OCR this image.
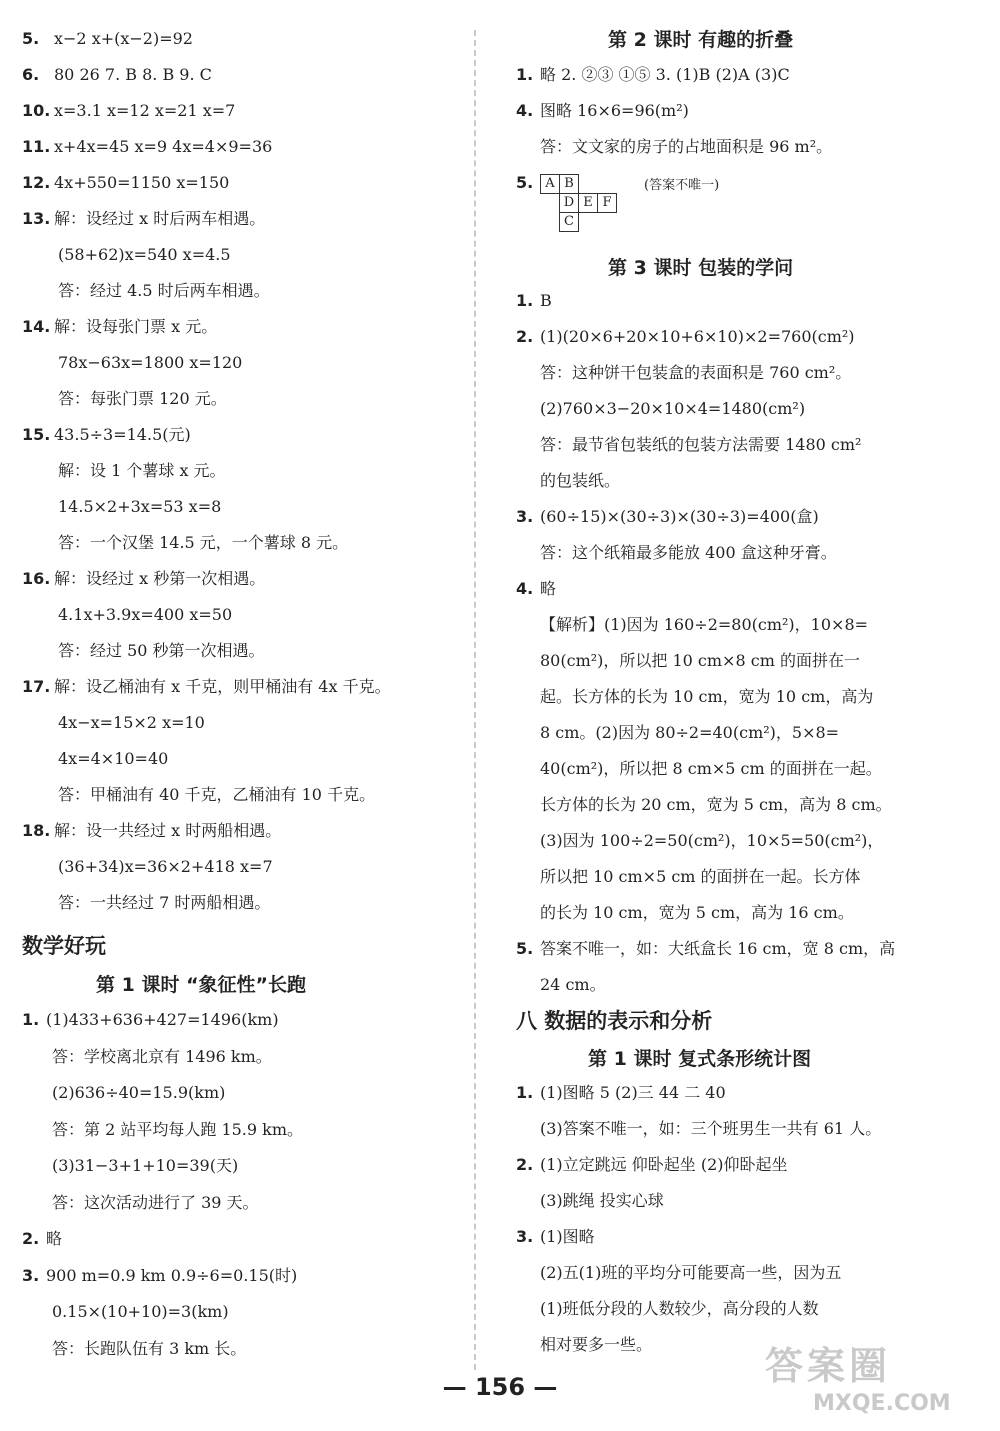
5. x−2 x+(x−2)=92
6. 80 26 7. B 8. B 9. C
10. x=3.1 x=12 x=21 x=7
11. x+4x=45 x=9 4x=4×9=36
12. 4x+550=1150 x=150
13. 解：设经过 x 时后两车相遇。
(58+62)x=540 x=4.5
答：经过 4.5 时后两车相遇。
14. 解：设每张门票 x 元。
78x−63x=1800 x=120
答：每张门票 120 元。
15. 43.5÷3=14.5(元)
解：设 1 个薯球 x 元。
14.5×2+3x=53 x=8
答：一个汉堡 14.5 元，一个薯球 8 元。
16. 解：设经过 x 秒第一次相遇。
4.1x+3.9x=400 x=50
答：经过 50 秒第一次相遇。
17. 解：设乙桶油有 x 千克，则甲桶油有 4x 千克。
4x−x=15×2 x=10
4x=4×10=40
答：甲桶油有 40 千克，乙桶油有 10 千克。
18. 解：设一共经过 x 时两船相遇。
(36+34)x=36×2+418 x=7
答：一共经过 7 时两船相遇。
数学好玩
第 1 课时 “象征性”长跑
1. (1)433+636+427=1496(km)
答：学校离北京有 1496 km。
(2)636÷40=15.9(km)
答：第 2 站平均每人跑 15.9 km。
(3)31−3+1+10=39(天)
答：这次活动进行了 39 天。
2. 略
3. 900 m=0.9 km 0.9÷6=0.15(时)
0.15×(10+10)=3(km)
答：长跑队伍有 3 km 长。
第 2 课时 有趣的折叠
1. 略 2. ②③ ①⑤ 3. (1)B (2)A (3)C
4. 图略 16×6=96(m²)
答：文文家的房子的占地面积是 96 m²。
5. A B
D E F
C
(答案不唯一)
第 3 课时 包装的学问
1. B
2. (1)(20×6+20×10+6×10)×2=760(cm²)
答：这种饼干包装盒的表面积是 760 cm²。
(2)760×3−20×10×4=1480(cm²)
答：最节省包装纸的包装方法需要 1480 cm²
的包装纸。
3. (60÷15)×(30÷3)×(30÷3)=400(盒)
答：这个纸箱最多能放 400 盒这种牙膏。
4. 略
【解析】(1)因为 160÷2=80(cm²)，10×8=
80(cm²)，所以把 10 cm×8 cm 的面拼在一
起。长方体的长为 10 cm，宽为 10 cm，高为
8 cm。(2)因为 80÷2=40(cm²)，5×8=
40(cm²)，所以把 8 cm×5 cm 的面拼在一起。
长方体的长为 20 cm，宽为 5 cm，高为 8 cm。
(3)因为 100÷2=50(cm²)，10×5=50(cm²)，
所以把 10 cm×5 cm 的面拼在一起。长方体
的长为 10 cm，宽为 5 cm，高为 16 cm。
5. 答案不唯一，如：大纸盒长 16 cm，宽 8 cm，高
24 cm。
八 数据的表示和分析
第 1 课时 复式条形统计图
1. (1)图略 5 (2)三 44 二 40
(3)答案不唯一，如：三个班男生一共有 61 人。
2. (1)立定跳远 仰卧起坐 (2)仰卧起坐
(3)跳绳 投实心球
3. (1)图略
(2)五(1)班的平均分可能要高一些，因为五
(1)班低分段的人数较少，高分段的人数
相对要多一些。
— 156 —	答案圈
MXQE.COM
